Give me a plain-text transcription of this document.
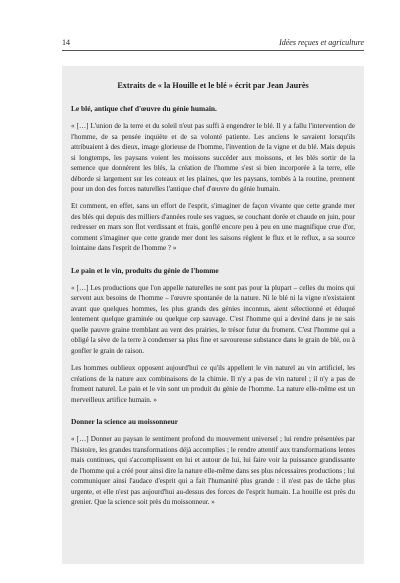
14	Idées reçues et agriculture

Extraits de « la Houille et le blé » écrit par Jean Jaurès

Le blé, antique chef d'œuvre du génie humain.

« […] L'union de la terre et du soleil n'eut pas suffi à engendrer le blé. Il y a fallu l'intervention de l'homme, de sa pensée inquiète et de sa volonté patiente. Les anciens le savaient lorsqu'ils attribuaient à des dieux, image glorieuse de l'homme, l'invention de la vigne et du blé. Mais depuis si longtemps, les paysans voient les moissons succéder aux moissons, et les blés sortir de la semence que donnèrent les blés, la création de l'homme s'est si bien incorporée à la terre, elle déborde si largement sur les coteaux et les plaines, que les paysans, tombés à la routine, prennent pour un don des forces naturelles l'antique chef d'œuvre du génie humain.

Et comment, en effet, sans un effort de l'esprit, s'imaginer de façon vivante que cette grande mer des blés qui depuis des milliers d'années roule ses vagues, se couchant dorée et chaude en juin, pour redresser en mars son flot verdissant et frais, gonflé encore peu à peu en une magnifique crue d'or, comment s'imaginer que cette grande mer dont les saisons règlent le flux et le reflux, a sa source lointaine dans l'esprit de l'homme ? »

Le pain et le vin, produits du génie de l'homme

« […] Les productions que l'on appelle naturelles ne sont pas pour la plupart – celles du moins qui servent aux besoins de l'homme – l'œuvre spontanée de la nature. Ni le blé ni la vigne n'existaient avant que quelques hommes, les plus grands des génies inconnus, aient sélectionné et éduqué lentement quelque graminée ou quelque cep sauvage. C'est l'homme qui a deviné dans je ne sais quelle pauvre graine tremblant au vent des prairies, le trésor futur du froment. C'est l'homme qui a obligé la sève de la terre à condenser sa plus fine et savoureuse substance dans le grain de blé, ou à gonfler le grain de raison.

Les hommes oublieux opposent aujourd'hui ce qu'ils appellent le vin naturel au vin artificiel, les créations de la nature aux combinaisons de la chimie. Il n'y a pas de vin naturel ; il n'y a pas de froment naturel. Le pain et le vin sont un produit du génie de l'homme. La nature elle-même est un merveilleux artifice humain. »

Donner la science au moissonneur

« […] Donner au paysan le sentiment profond du mouvement universel ; lui rendre présentées par l'histoire, les grandes transformations déjà accomplies ; le rendre attentif aux transformations lentes mais continues, qui s'accomplissent en lui et autour de lui, lui faire voir la puissance grandissante de l'homme qui a créé pour ainsi dire la nature elle-même dans ses plus nécessaires productions ; lui communiquer ainsi l'audace d'esprit qui a fait l'humanité plus grande : il n'est pas de tâche plus urgente, et elle n'est pas aujourd'hui au-dessus des forces de l'esprit humain. La houille est près du grenier. Que la science soit près du moissonneur. »
